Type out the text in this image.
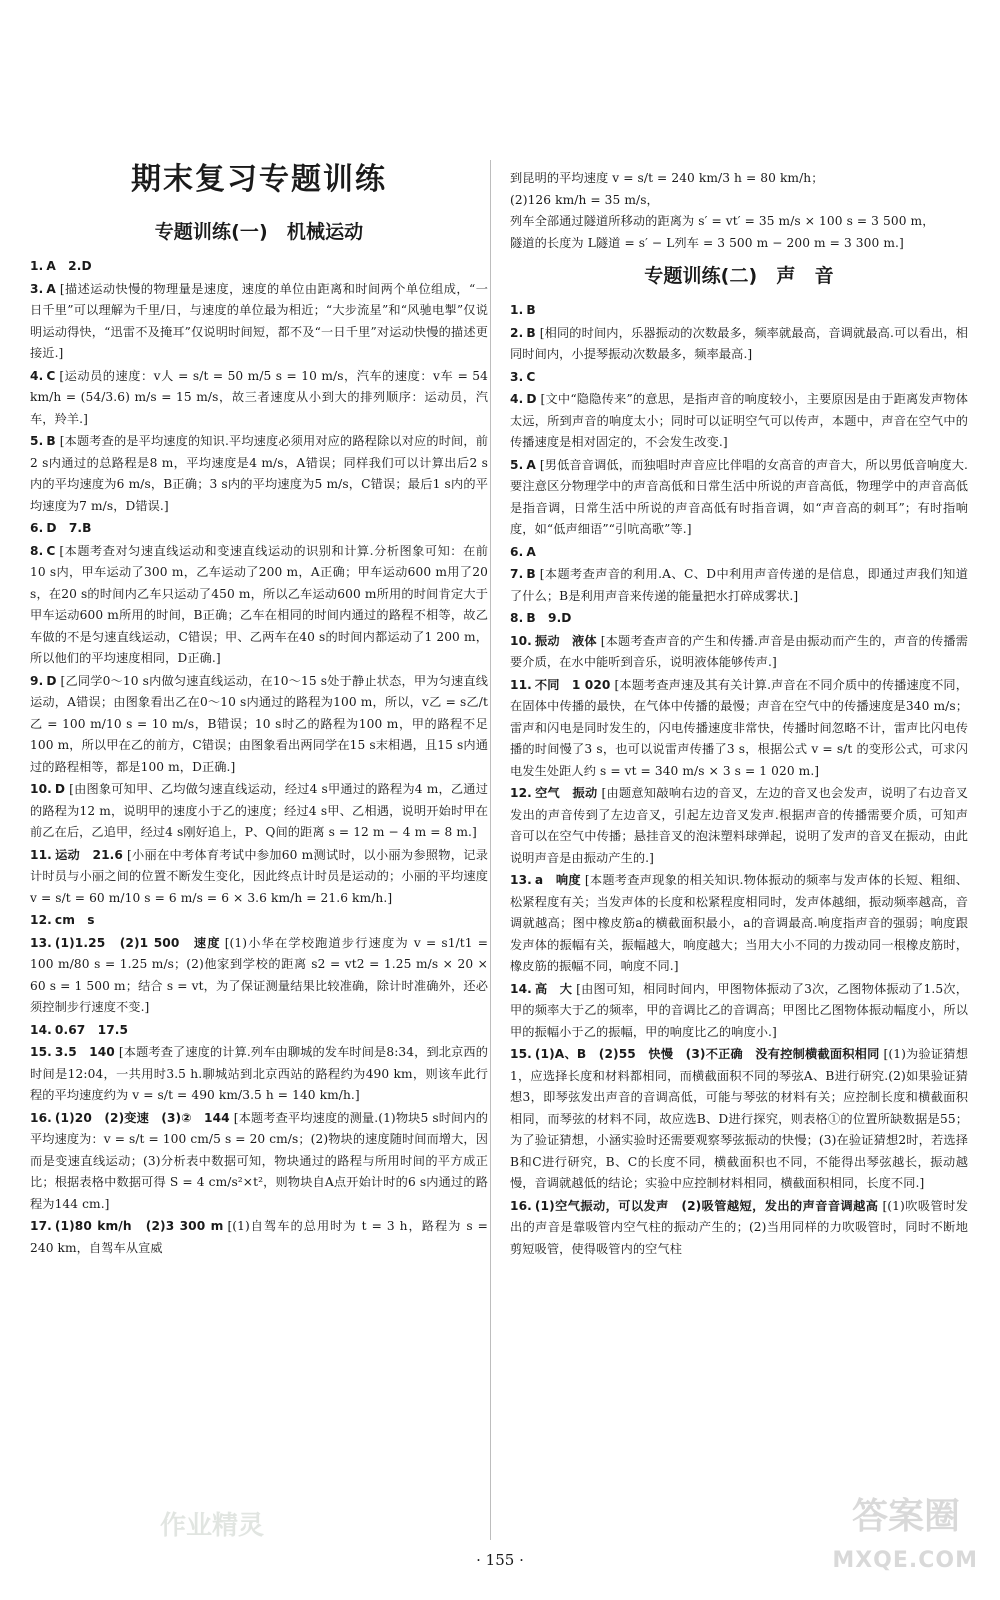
期末复习专题训练
专题训练(一)　机械运动
1. A　2.D
3. A [描述运动快慢的物理量是速度，速度的单位由距离和时间两个单位组成，“一日千里”可以理解为千里/日，与速度的单位最为相近；“大步流星”和“风驰电掣”仅说明运动得快，“迅雷不及掩耳”仅说明时间短，都不及“一日千里”对运动快慢的描述更接近.]
4. C [运动员的速度：v人 = s/t = 50 m/5 s = 10 m/s，汽车的速度：v车 = 54 km/h = (54/3.6) m/s = 15 m/s，故三者速度从小到大的排列顺序：运动员，汽车，羚羊.]
5. B [本题考查的是平均速度的知识.平均速度必须用对应的路程除以对应的时间，前2 s内通过的总路程是8 m，平均速度是4 m/s，A错误；同样我们可以计算出后2 s内的平均速度为6 m/s，B正确；3 s内的平均速度为5 m/s，C错误；最后1 s内的平均速度为7 m/s，D错误.]
6. D　7.B
8. C [本题考查对匀速直线运动和变速直线运动的识别和计算.分析图象可知：在前10 s内，甲车运动了300 m，乙车运动了200 m，A正确；甲车运动600 m用了20 s，在20 s的时间内乙车只运动了450 m，所以乙车运动600 m所用的时间肯定大于甲车运动600 m所用的时间，B正确；乙车在相同的时间内通过的路程不相等，故乙车做的不是匀速直线运动，C错误；甲、乙两车在40 s的时间内都运动了1 200 m，所以他们的平均速度相同，D正确.]
9. D [乙同学0～10 s内做匀速直线运动，在10～15 s处于静止状态，甲为匀速直线运动，A错误；由图象看出乙在0～10 s内通过的路程为100 m，所以，v乙 = s乙/t乙 = 100 m/10 s = 10 m/s，B错误；10 s时乙的路程为100 m，甲的路程不足100 m，所以甲在乙的前方，C错误；由图象看出两同学在15 s末相遇，且15 s内通过的路程相等，都是100 m，D正确.]
10. D [由图象可知甲、乙均做匀速直线运动，经过4 s甲通过的路程为4 m，乙通过的路程为12 m，说明甲的速度小于乙的速度；经过4 s甲、乙相遇，说明开始时甲在前乙在后，乙追甲，经过4 s刚好追上，P、Q间的距离 s = 12 m − 4 m = 8 m.]
11. 运动　21.6 [小丽在中考体育考试中参加60 m测试时，以小丽为参照物，记录计时员与小丽之间的位置不断发生变化，因此终点计时员是运动的；小丽的平均速度 v = s/t = 60 m/10 s = 6 m/s = 6 × 3.6 km/h = 21.6 km/h.]
12. cm　s
13. (1)1.25　(2)1 500　速度 [(1)小华在学校跑道步行速度为 v = s1/t1 = 100 m/80 s = 1.25 m/s；(2)他家到学校的距离 s2 = vt2 = 1.25 m/s × 20 × 60 s = 1 500 m；结合 s = vt，为了保证测量结果比较准确，除计时准确外，还必须控制步行速度不变.]
14. 0.67　17.5
15. 3.5　140 [本题考查了速度的计算.列车由聊城的发车时间是8:34，到北京西的时间是12:04，一共用时3.5 h.聊城站到北京西站的路程约为490 km，则该车此行程的平均速度约为 v = s/t = 490 km/3.5 h = 140 km/h.]
16. (1)20　(2)变速　(3)②　144 [本题考查平均速度的测量.(1)物块5 s时间内的平均速度为：v = s/t = 100 cm/5 s = 20 cm/s；(2)物块的速度随时间而增大，因而是变速直线运动；(3)分析表中数据可知，物块通过的路程与所用时间的平方成正比；根据表格中数据可得 S = 4 cm/s²×t²，则物块自A点开始计时的6 s内通过的路程为144 cm.]
17. (1)80 km/h　(2)3 300 m [(1)自驾车的总用时为 t = 3 h，路程为 s = 240 km，自驾车从宣威
到昆明的平均速度 v = s/t = 240 km/3 h = 80 km/h；
(2)126 km/h = 35 m/s，
列车全部通过隧道所移动的距离为 s′ = vt′ = 35 m/s × 100 s = 3 500 m，
隧道的长度为 L隧道 = s′ − L列车 = 3 500 m − 200 m = 3 300 m.]
专题训练(二)　声　音
1. B
2. B [相同的时间内，乐器振动的次数最多，频率就最高，音调就最高.可以看出，相同时间内，小提琴振动次数最多，频率最高.]
3. C
4. D [文中“隐隐传来”的意思，是指声音的响度较小，主要原因是由于距离发声物体太远，所到声音的响度太小；同时可以证明空气可以传声，本题中，声音在空气中的传播速度是相对固定的，不会发生改变.]
5. A [男低音音调低，而独唱时声音应比伴唱的女高音的声音大，所以男低音响度大.要注意区分物理学中的声音高低和日常生活中所说的声音高低，物理学中的声音高低是指音调，日常生活中所说的声音高低有时指音调，如“声音高的刺耳”；有时指响度，如“低声细语”“引吭高歌”等.]
6. A
7. B [本题考查声音的利用.A、C、D中利用声音传递的是信息，即通过声我们知道了什么；B是利用声音来传递的能量把水打碎成雾状.]
8. B　9.D
10. 振动　液体 [本题考查声音的产生和传播.声音是由振动而产生的，声音的传播需要介质，在水中能听到音乐，说明液体能够传声.]
11. 不同　1 020 [本题考查声速及其有关计算.声音在不同介质中的传播速度不同，在固体中传播的最快，在气体中传播的最慢；声音在空气中的传播速度是340 m/s；雷声和闪电是同时发生的，闪电传播速度非常快，传播时间忽略不计，雷声比闪电传播的时间慢了3 s，也可以说雷声传播了3 s，根据公式 v = s/t 的变形公式，可求闪电发生处距人约 s = vt = 340 m/s × 3 s = 1 020 m.]
12. 空气　振动 [由题意知敲响右边的音叉，左边的音叉也会发声，说明了右边音叉发出的声音传到了左边音叉，引起左边音叉发声.根据声音的传播需要介质，可知声音可以在空气中传播；悬挂音叉的泡沫塑料球弹起，说明了发声的音叉在振动，由此说明声音是由振动产生的.]
13. a　响度 [本题考查声现象的相关知识.物体振动的频率与发声体的长短、粗细、松紧程度有关；当发声体的长度和松紧程度相同时，发声体越细，振动频率越高，音调就越高；图中橡皮筋a的横截面积最小，a的音调最高.响度指声音的强弱；响度跟发声体的振幅有关，振幅越大，响度越大；当用大小不同的力拨动同一根橡皮筋时，橡皮筋的振幅不同，响度不同.]
14. 高　大 [由图可知，相同时间内，甲图物体振动了3次，乙图物体振动了1.5次，甲的频率大于乙的频率，甲的音调比乙的音调高；甲图比乙图物体振动幅度小，所以甲的振幅小于乙的振幅，甲的响度比乙的响度小.]
15. (1)A、B　(2)55　快慢　(3)不正确　没有控制横截面积相同 [(1)为验证猜想1，应选择长度和材料都相同，而横截面积不同的琴弦A、B进行研究.(2)如果验证猜想3，即琴弦发出声音的音调高低，可能与琴弦的材料有关；应控制长度和横截面积相同，而琴弦的材料不同，故应选B、D进行探究，则表格①的位置所缺数据是55；为了验证猜想，小涵实验时还需要观察琴弦振动的快慢；(3)在验证猜想2时，若选择B和C进行研究，B、C的长度不同，横截面积也不同，不能得出琴弦越长，振动越慢，音调就越低的结论；实验中应控制材料相同，横截面积相同，长度不同.]
16. (1)空气振动，可以发声　(2)吸管越短，发出的声音音调越高 [(1)吹吸管时发出的声音是靠吸管内空气柱的振动产生的；(2)当用同样的力吹吸管时，同时不断地剪短吸管，使得吸管内的空气柱
· 155 ·
作业精灵	答案圈
MXQE.COM
